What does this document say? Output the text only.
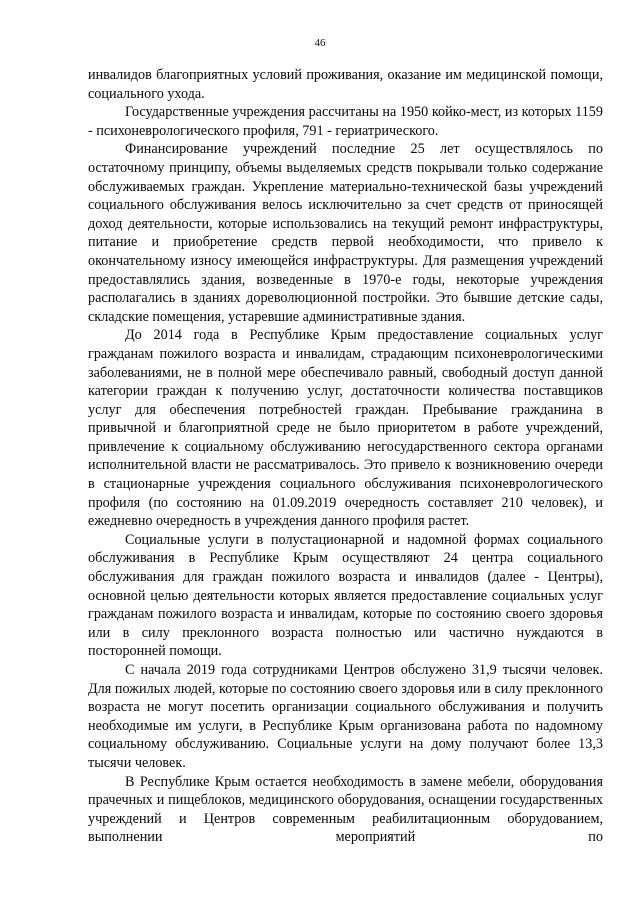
46

инвалидов благоприятных условий проживания, оказание им медицинской помощи, социального ухода.

Государственные учреждения рассчитаны на 1950 койко-мест, из которых 1159 - психоневрологического профиля, 791 - гериатрического.

Финансирование учреждений последние 25 лет осуществлялось по остаточному принципу, объемы выделяемых средств покрывали только содержание обслуживаемых граждан. Укрепление материально-технической базы учреждений социального обслуживания велось исключительно за счет средств от приносящей доход деятельности, которые использовались на текущий ремонт инфраструктуры, питание и приобретение средств первой необходимости, что привело к окончательному износу имеющейся инфраструктуры. Для размещения учреждений предоставлялись здания, возведенные в 1970-е годы, некоторые учреждения располагались в зданиях дореволюционной постройки. Это бывшие детские сады, складские помещения, устаревшие административные здания.

До 2014 года в Республике Крым предоставление социальных услуг гражданам пожилого возраста и инвалидам, страдающим психоневрологическими заболеваниями, не в полной мере обеспечивало равный, свободный доступ данной категории граждан к получению услуг, достаточности количества поставщиков услуг для обеспечения потребностей граждан. Пребывание гражданина в привычной и благоприятной среде не было приоритетом в работе учреждений, привлечение к социальному обслуживанию негосударственного сектора органами исполнительной власти не рассматривалось. Это привело к возникновению очереди в стационарные учреждения социального обслуживания психоневрологического профиля (по состоянию на 01.09.2019 очередность составляет 210 человек), и ежедневно очередность в учреждения данного профиля растет.

Социальные услуги в полустационарной и надомной формах социального обслуживания в Республике Крым осуществляют 24 центра социального обслуживания для граждан пожилого возраста и инвалидов (далее - Центры), основной целью деятельности которых является предоставление социальных услуг гражданам пожилого возраста и инвалидам, которые по состоянию своего здоровья или в силу преклонного возраста полностью или частично нуждаются в посторонней помощи.

С начала 2019 года сотрудниками Центров обслужено 31,9 тысячи человек. Для пожилых людей, которые по состоянию своего здоровья или в силу преклонного возраста не могут посетить организации социального обслуживания и получить необходимые им услуги, в Республике Крым организована работа по надомному социальному обслуживанию. Социальные услуги на дому получают более 13,3 тысячи человек.

В Республике Крым остается необходимость в замене мебели, оборудования прачечных и пищеблоков, медицинского оборудования, оснащении государственных учреждений и Центров современным реабилитационным оборудованием, выполнении мероприятий по
